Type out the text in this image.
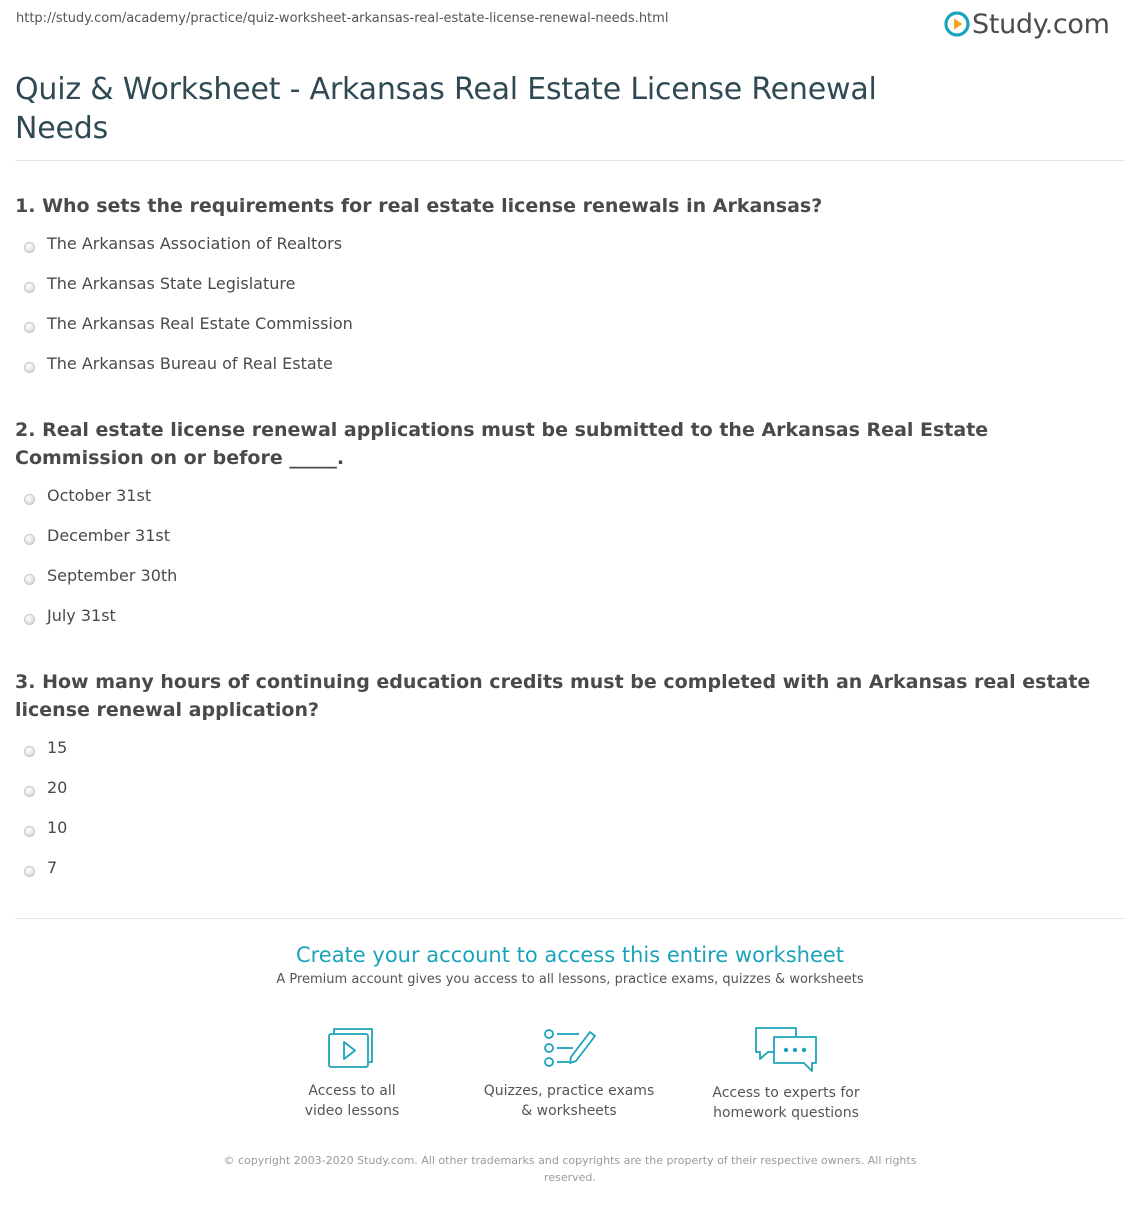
http://study.com/academy/practice/quiz-worksheet-arkansas-real-estate-license-renewal-needs.html	Study.com
Quiz & Worksheet - Arkansas Real Estate License Renewal Needs

1. Who sets the requirements for real estate license renewals in Arkansas?

The Arkansas Association of Realtors
The Arkansas State Legislature
The Arkansas Real Estate Commission
The Arkansas Bureau of Real Estate

2. Real estate license renewal applications must be submitted to the Arkansas Real Estate Commission on or before _____.

October 31st
December 31st
September 30th
July 31st

3. How many hours of continuing education credits must be completed with an Arkansas real estate license renewal application?

15
20
10
7

Create your account to access this entire worksheet

A Premium account gives you access to all lessons, practice exams, quizzes & worksheets
Access to all
video lessons
Quizzes, practice exams
& worksheets
Access to experts for
homework questions
© copyright 2003-2020 Study.com. All other trademarks and copyrights are the property of their respective owners. All rights reserved.
